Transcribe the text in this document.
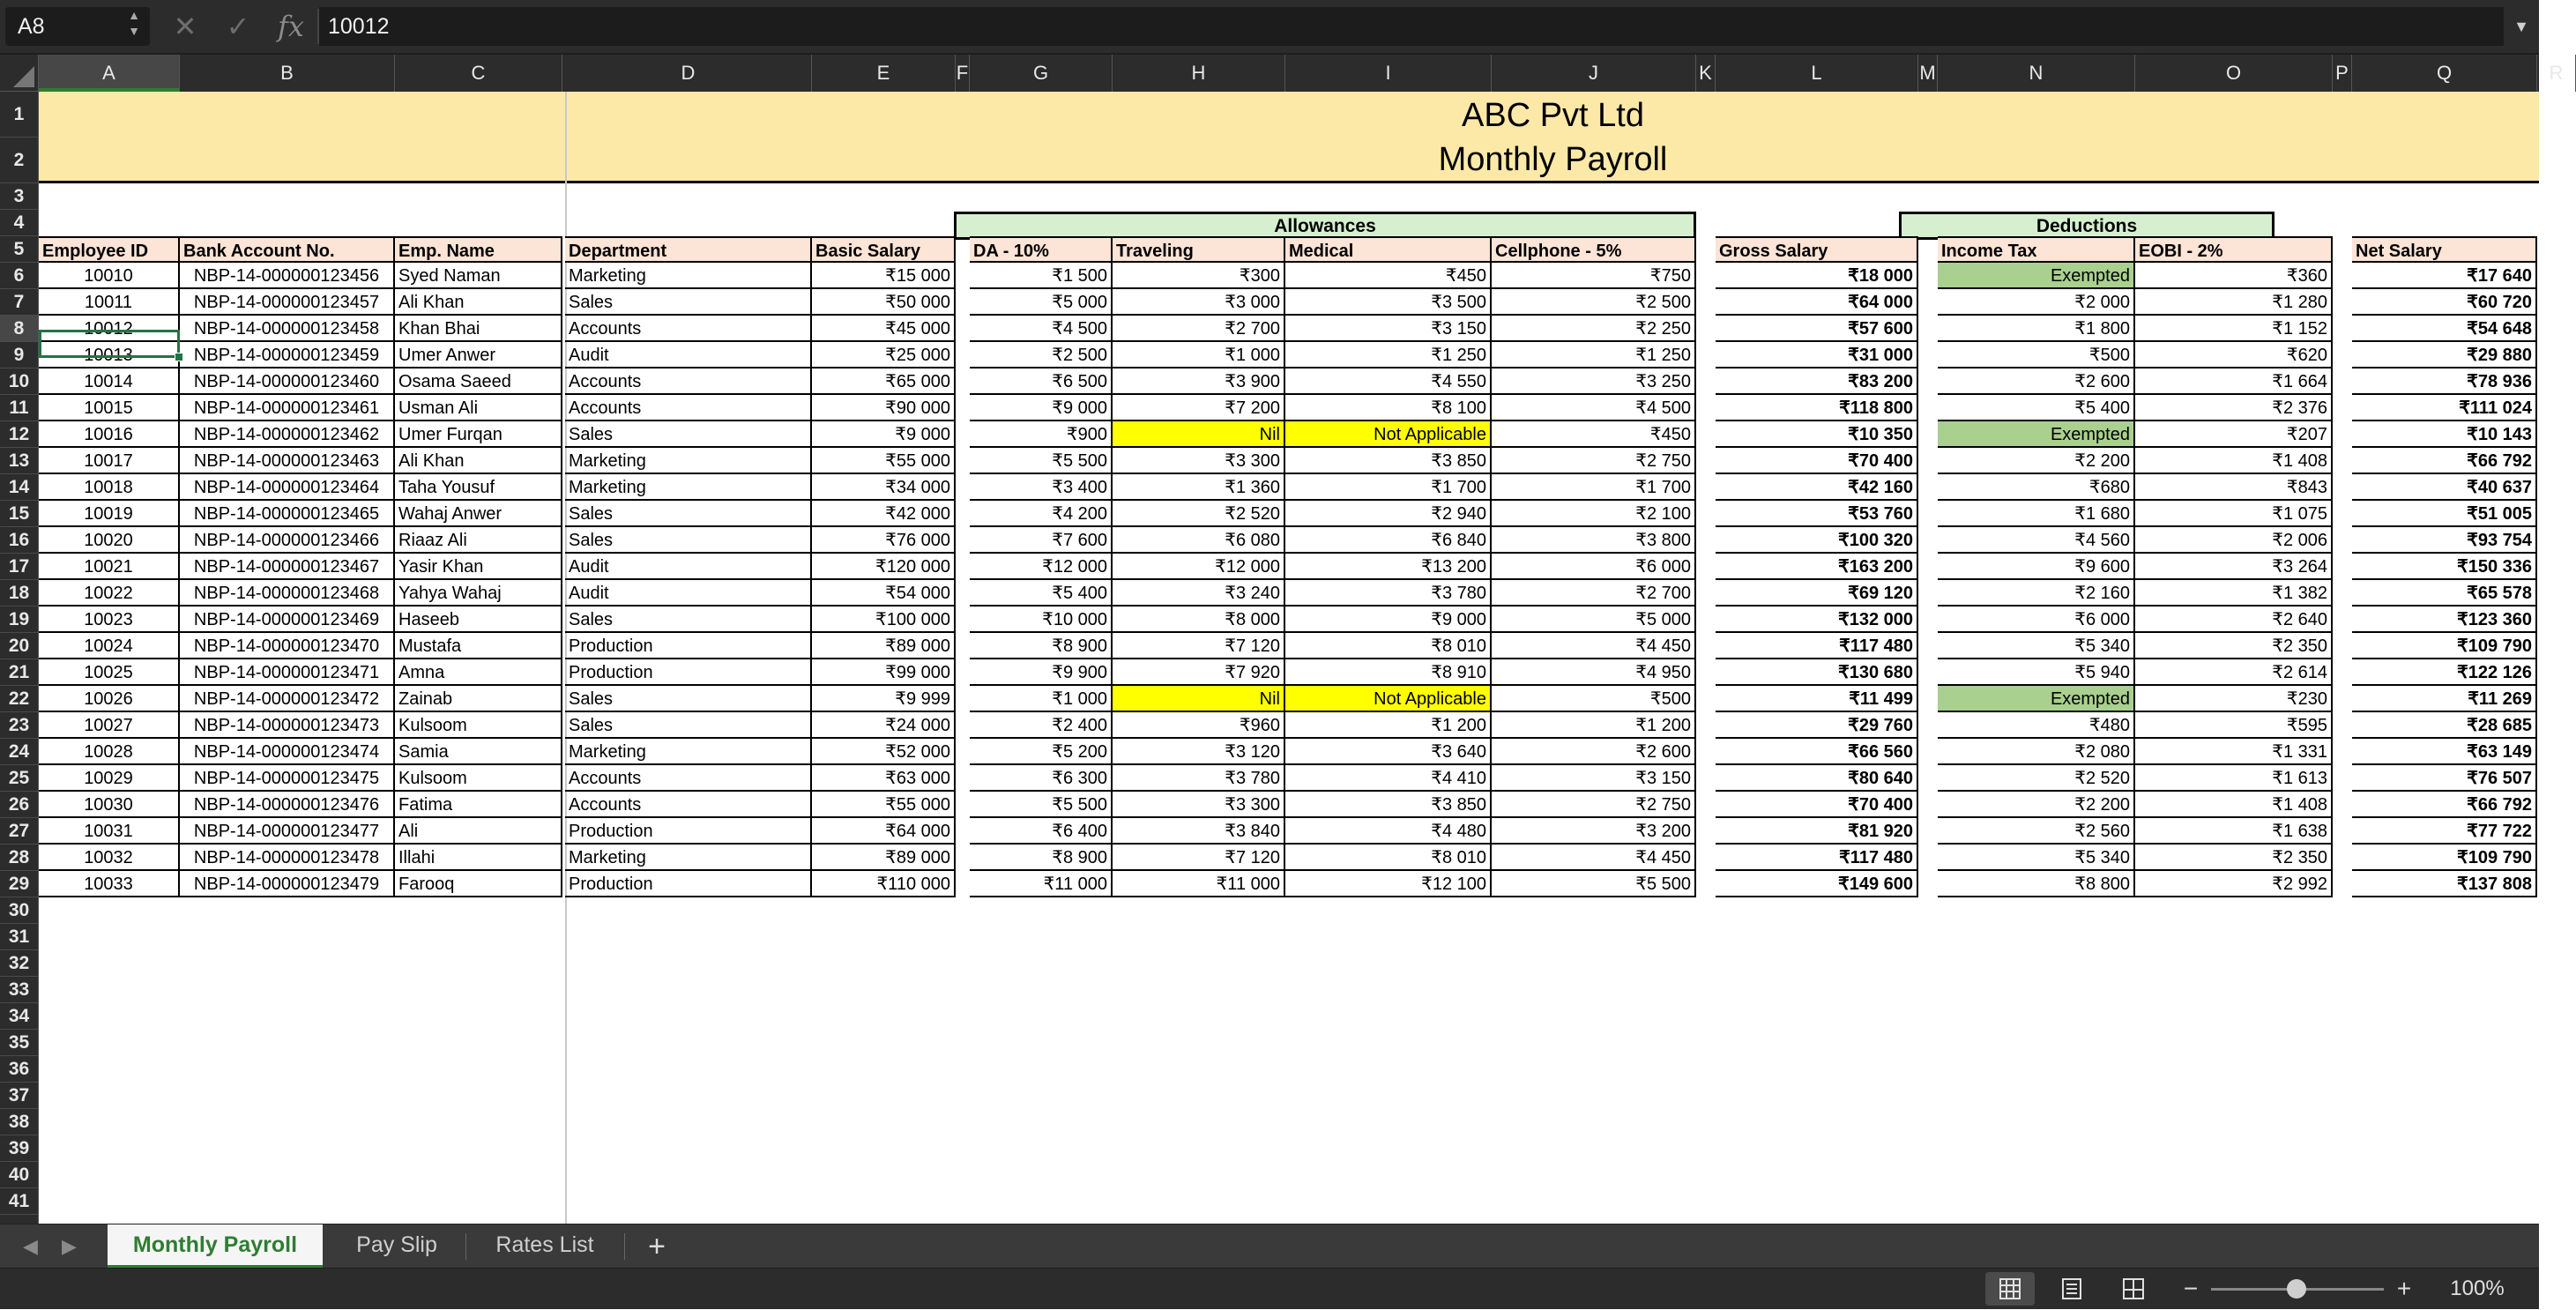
A8	▲
▼ ✕ ✓ fx	10012	▼
A	B	C	D	E	F	G	H	I	J	K	L	M	N	O	P	Q	R
1
2
3
4
5
6
7
8
9
10
11
12
13
14
15
16
17
18
19
20
21
22
23
24
25
26
27
28
29
30
31
32
33
34
35
36
37
38
39
40
41
ABC Pvt Ltd
Monthly Payroll
Allowances	Deductions
Employee ID	Bank Account No.	Emp. Name	Department	Basic Salary	DA - 10%	Traveling	Medical	Cellphone - 5%	Gross Salary	Income Tax	EOBI - 2%	Net Salary
10010	NBP-14-000000123456	Syed Naman	Marketing	₹15 000	₹1 500	₹300	₹450	₹750	₹18 000	Exempted	₹360	₹17 640
10011	NBP-14-000000123457	Ali Khan	Sales	₹50 000	₹5 000	₹3 000	₹3 500	₹2 500	₹64 000	₹2 000	₹1 280	₹60 720
10012	NBP-14-000000123458	Khan Bhai	Accounts	₹45 000	₹4 500	₹2 700	₹3 150	₹2 250	₹57 600	₹1 800	₹1 152	₹54 648
10013	NBP-14-000000123459	Umer Anwer	Audit	₹25 000	₹2 500	₹1 000	₹1 250	₹1 250	₹31 000	₹500	₹620	₹29 880
10014	NBP-14-000000123460	Osama Saeed	Accounts	₹65 000	₹6 500	₹3 900	₹4 550	₹3 250	₹83 200	₹2 600	₹1 664	₹78 936
10015	NBP-14-000000123461	Usman Ali	Accounts	₹90 000	₹9 000	₹7 200	₹8 100	₹4 500	₹118 800	₹5 400	₹2 376	₹111 024
10016	NBP-14-000000123462	Umer Furqan	Sales	₹9 000	₹900	Nil	Not Applicable	₹450	₹10 350	Exempted	₹207	₹10 143
10017	NBP-14-000000123463	Ali Khan	Marketing	₹55 000	₹5 500	₹3 300	₹3 850	₹2 750	₹70 400	₹2 200	₹1 408	₹66 792
10018	NBP-14-000000123464	Taha Yousuf	Marketing	₹34 000	₹3 400	₹1 360	₹1 700	₹1 700	₹42 160	₹680	₹843	₹40 637
10019	NBP-14-000000123465	Wahaj Anwer	Sales	₹42 000	₹4 200	₹2 520	₹2 940	₹2 100	₹53 760	₹1 680	₹1 075	₹51 005
10020	NBP-14-000000123466	Riaaz Ali	Sales	₹76 000	₹7 600	₹6 080	₹6 840	₹3 800	₹100 320	₹4 560	₹2 006	₹93 754
10021	NBP-14-000000123467	Yasir Khan	Audit	₹120 000	₹12 000	₹12 000	₹13 200	₹6 000	₹163 200	₹9 600	₹3 264	₹150 336
10022	NBP-14-000000123468	Yahya Wahaj	Audit	₹54 000	₹5 400	₹3 240	₹3 780	₹2 700	₹69 120	₹2 160	₹1 382	₹65 578
10023	NBP-14-000000123469	Haseeb	Sales	₹100 000	₹10 000	₹8 000	₹9 000	₹5 000	₹132 000	₹6 000	₹2 640	₹123 360
10024	NBP-14-000000123470	Mustafa	Production	₹89 000	₹8 900	₹7 120	₹8 010	₹4 450	₹117 480	₹5 340	₹2 350	₹109 790
10025	NBP-14-000000123471	Amna	Production	₹99 000	₹9 900	₹7 920	₹8 910	₹4 950	₹130 680	₹5 940	₹2 614	₹122 126
10026	NBP-14-000000123472	Zainab	Sales	₹9 999	₹1 000	Nil	Not Applicable	₹500	₹11 499	Exempted	₹230	₹11 269
10027	NBP-14-000000123473	Kulsoom	Sales	₹24 000	₹2 400	₹960	₹1 200	₹1 200	₹29 760	₹480	₹595	₹28 685
10028	NBP-14-000000123474	Samia	Marketing	₹52 000	₹5 200	₹3 120	₹3 640	₹2 600	₹66 560	₹2 080	₹1 331	₹63 149
10029	NBP-14-000000123475	Kulsoom	Accounts	₹63 000	₹6 300	₹3 780	₹4 410	₹3 150	₹80 640	₹2 520	₹1 613	₹76 507
10030	NBP-14-000000123476	Fatima	Accounts	₹55 000	₹5 500	₹3 300	₹3 850	₹2 750	₹70 400	₹2 200	₹1 408	₹66 792
10031	NBP-14-000000123477	Ali	Production	₹64 000	₹6 400	₹3 840	₹4 480	₹3 200	₹81 920	₹2 560	₹1 638	₹77 722
10032	NBP-14-000000123478	Illahi	Marketing	₹89 000	₹8 900	₹7 120	₹8 010	₹4 450	₹117 480	₹5 340	₹2 350	₹109 790
10033	NBP-14-000000123479	Farooq	Production	₹110 000	₹11 000	₹11 000	₹12 100	₹5 500	₹149 600	₹8 800	₹2 992	₹137 808
◀ ▶	Monthly Payroll	Pay Slip	Rates List	+
−	+	100%
